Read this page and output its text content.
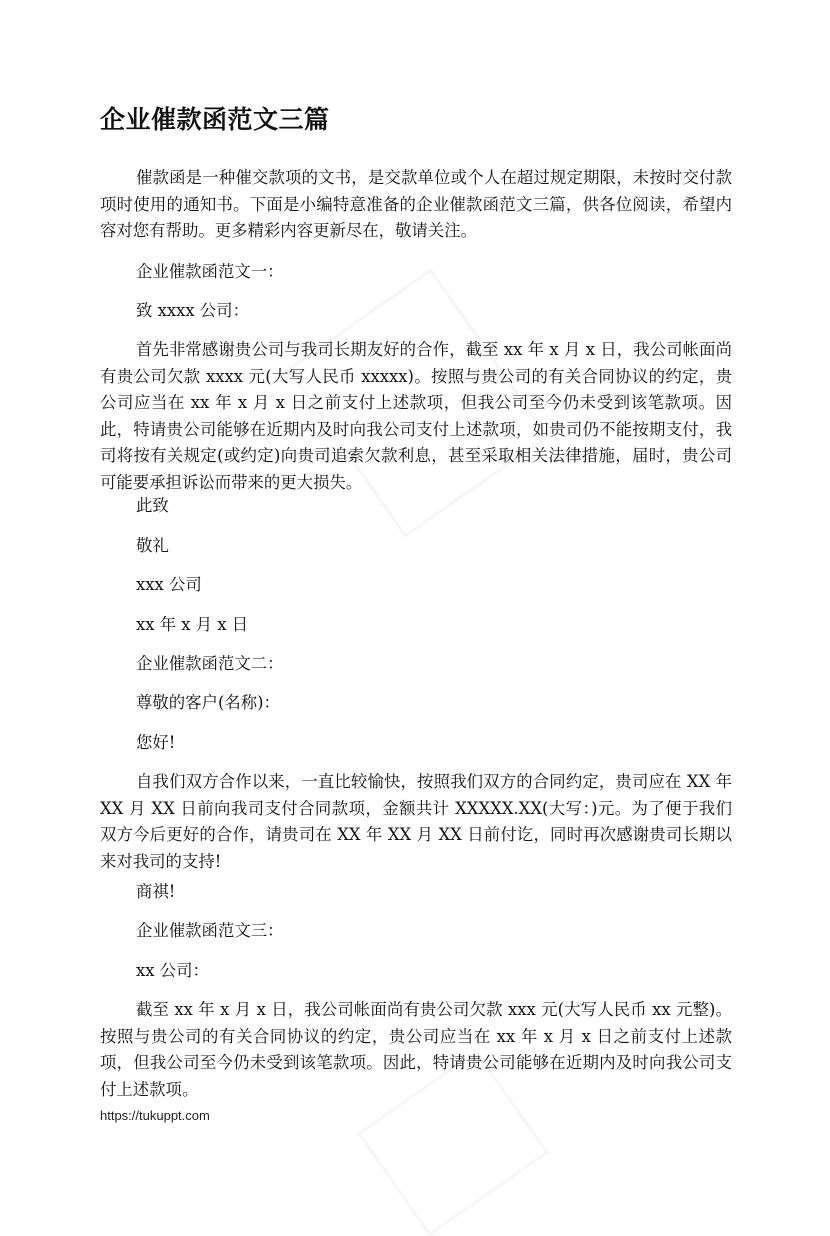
企业催款函范文三篇

催款函是一种催交款项的文书，是交款单位或个人在超过规定期限，未按时交付款项时使用的通知书。下面是小编特意准备的企业催款函范文三篇，供各位阅读，希望内容对您有帮助。更多精彩内容更新尽在，敬请关注。

企业催款函范文一：

致 xxxx 公司：

首先非常感谢贵公司与我司长期友好的合作，截至 xx 年 x 月 x 日，我公司帐面尚有贵公司欠款 xxxx 元(大写人民币 xxxxx)。按照与贵公司的有关合同协议的约定，贵公司应当在 xx 年 x 月 x 日之前支付上述款项，但我公司至今仍未受到该笔款项。因此，特请贵公司能够在近期内及时向我公司支付上述款项，如贵司仍不能按期支付，我司将按有关规定(或约定)向贵司追索欠款利息，甚至采取相关法律措施，届时，贵公司可能要承担诉讼而带来的更大损失。

此致

敬礼

xxx 公司

xx 年 x 月 x 日

企业催款函范文二：

尊敬的客户(名称)：

您好!

自我们双方合作以来，一直比较愉快，按照我们双方的合同约定，贵司应在 XX 年 XX 月 XX 日前向我司支付合同款项，金额共计 XXXXX.XX(大写：)元。为了便于我们双方今后更好的合作，请贵司在 XX 年 XX 月 XX 日前付讫，同时再次感谢贵司长期以来对我司的支持!

商祺!

企业催款函范文三：

xx 公司：

截至 xx 年 x 月 x 日，我公司帐面尚有贵公司欠款 xxx 元(大写人民币 xx 元整)。按照与贵公司的有关合同协议的约定，贵公司应当在 xx 年 x 月 x 日之前支付上述款项，但我公司至今仍未受到该笔款项。因此，特请贵公司能够在近期内及时向我公司支付上述款项。

https://tukuppt.com
